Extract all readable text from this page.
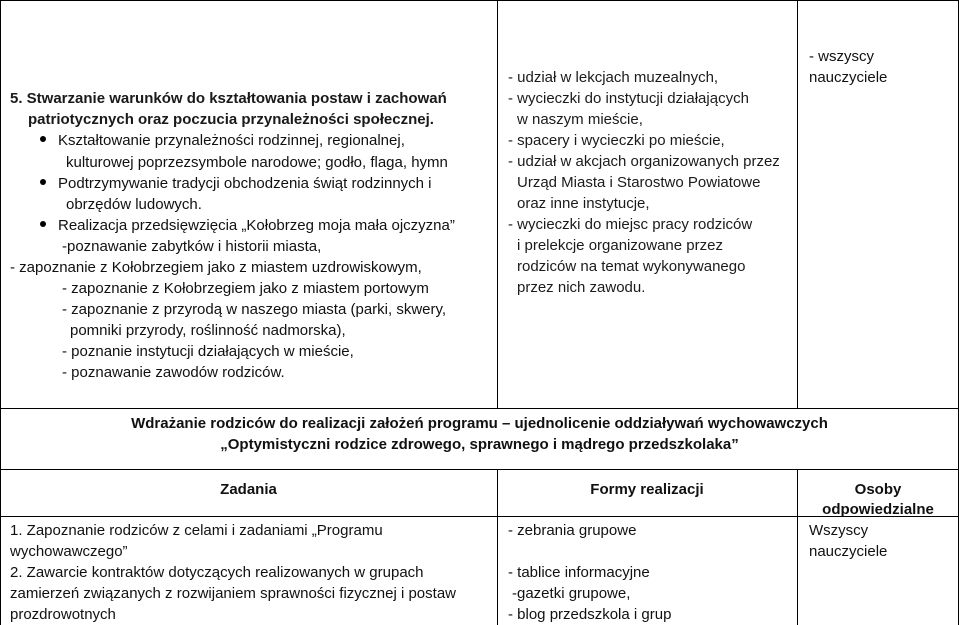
5. Stwarzanie warunków do kształtowania postaw i zachowań
patriotycznych oraz poczucia przynależności społecznej.
Kształtowanie przynależności rodzinnej, regionalnej,
kulturowej poprzezsymbole narodowe; godło, flaga, hymn
Podtrzymywanie tradycji obchodzenia świąt rodzinnych i
obrzędów ludowych.
Realizacja przedsięwzięcia „Kołobrzeg moja mała ojczyzna”
-poznawanie zabytków i historii miasta,
- zapoznanie z Kołobrzegiem jako z miastem uzdrowiskowym,
- zapoznanie z Kołobrzegiem jako z miastem portowym
- zapoznanie z przyrodą w naszego miasta (parki, skwery,
pomniki przyrody, roślinność nadmorska),
- poznanie instytucji działających w mieście,
- poznawanie zawodów rodziców.
- udział w lekcjach muzealnych,
- wycieczki do instytucji działających
w naszym mieście,
- spacery i wycieczki po mieście,
- udział w akcjach organizowanych przez
Urząd Miasta i Starostwo Powiatowe
oraz inne instytucje,
- wycieczki do miejsc pracy rodziców
i prelekcje organizowane przez
rodziców na temat wykonywanego
przez nich zawodu.
- wszyscy
nauczyciele
Wdrażanie rodziców do realizacji założeń programu – ujednolicenie oddziaływań wychowawczych
„Optymistyczni rodzice zdrowego, sprawnego i mądrego przedszkolaka”
Zadania	Formy realizacji	Osoby
odpowiedzialne
1. Zapoznanie rodziców z celami i zadaniami „Programu
wychowawczego”
2. Zawarcie kontraktów dotyczących realizowanych w grupach
zamierzeń związanych z rozwijaniem sprawności fizycznej i postaw
prozdrowotnych
- zebrania grupowe
- tablice informacyjne
-gazetki grupowe,
- blog przedszkola i grup
Wszyscy
nauczyciele
